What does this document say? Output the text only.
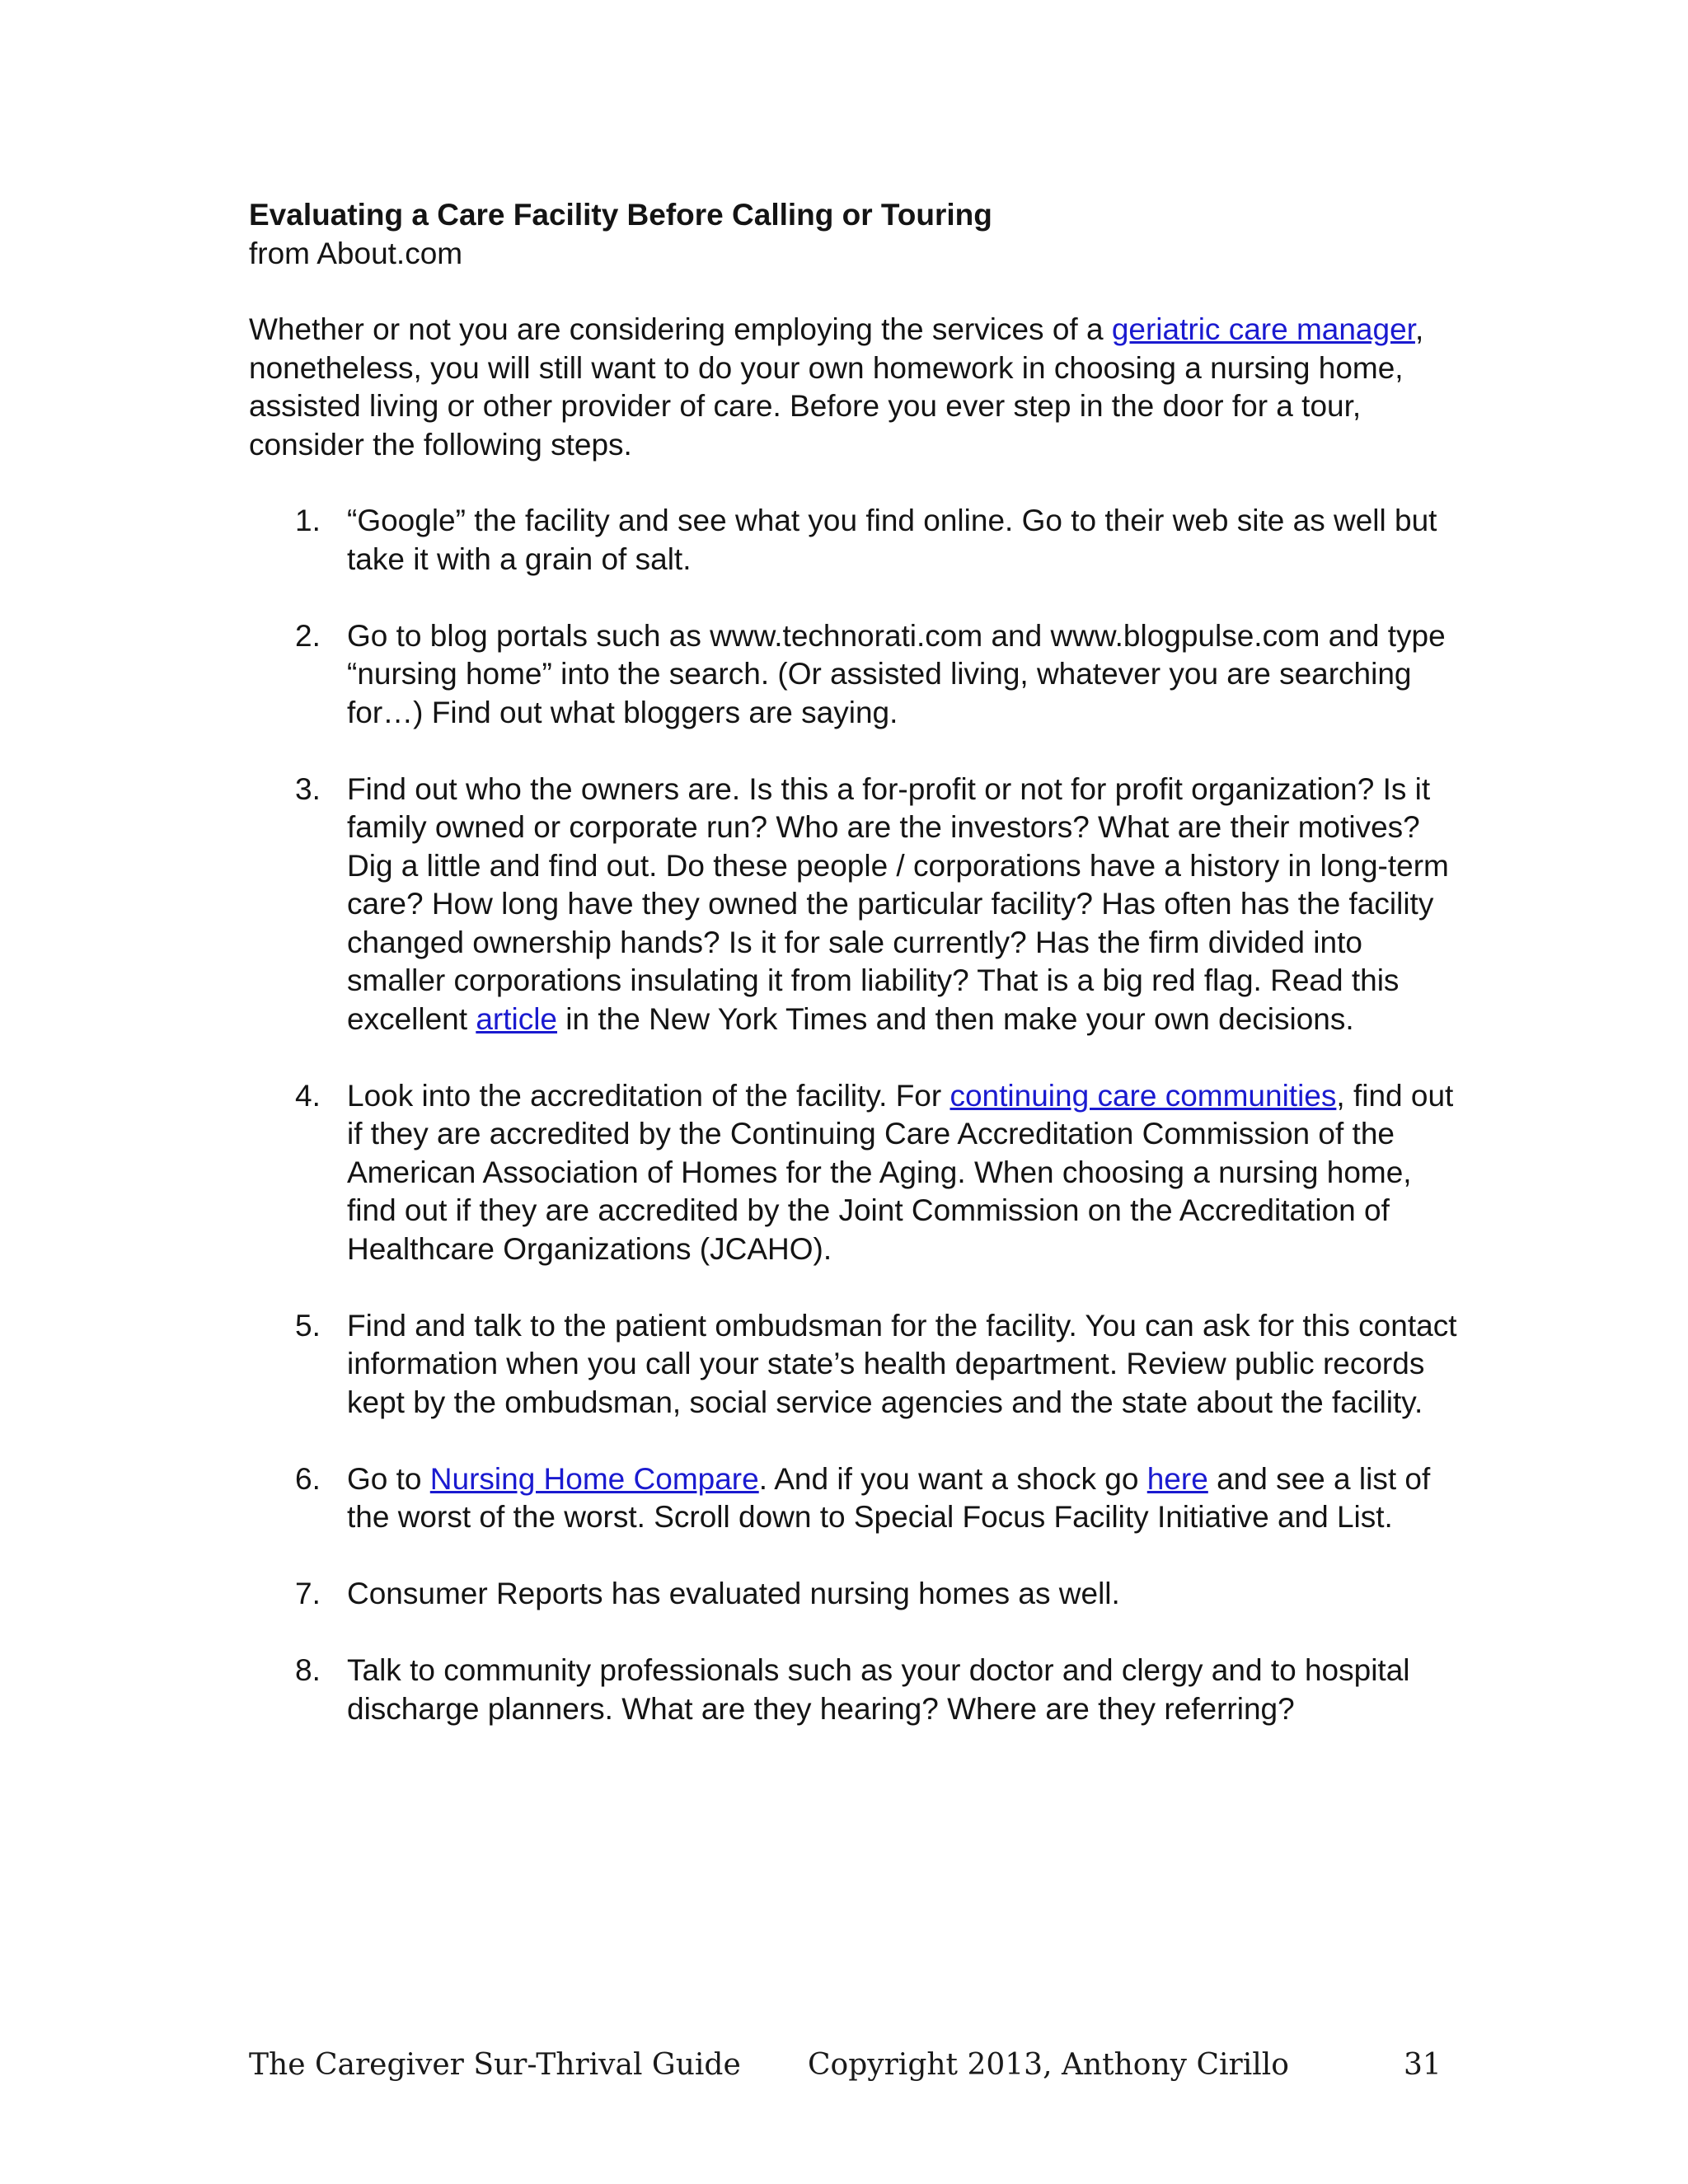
Evaluating a Care Facility Before Calling or Touring
from About.com

Whether or not you are considering employing the services of a geriatric care manager, nonetheless, you will still want to do your own homework in choosing a nursing home, assisted living or other provider of care. Before you ever step in the door for a tour, consider the following steps.

1. “Google” the facility and see what you find online. Go to their web site as well but take it with a grain of salt.
2. Go to blog portals such as www.technorati.com and www.blogpulse.com and type “nursing home” into the search. (Or assisted living, whatever you are searching for…) Find out what bloggers are saying.
3. Find out who the owners are. Is this a for-profit or not for profit organization? Is it family owned or corporate run? Who are the investors? What are their motives? Dig a little and find out. Do these people / corporations have a history in long-term care? How long have they owned the particular facility? Has often has the facility changed ownership hands? Is it for sale currently? Has the firm divided into smaller corporations insulating it from liability? That is a big red flag. Read this excellent article in the New York Times and then make your own decisions.
4. Look into the accreditation of the facility. For continuing care communities, find out if they are accredited by the Continuing Care Accreditation Commission of the American Association of Homes for the Aging. When choosing a nursing home, find out if they are accredited by the Joint Commission on the Accreditation of Healthcare Organizations (JCAHO).
5. Find and talk to the patient ombudsman for the facility. You can ask for this contact information when you call your state’s health department. Review public records kept by the ombudsman, social service agencies and the state about the facility.
6. Go to Nursing Home Compare. And if you want a shock go here and see a list of the worst of the worst. Scroll down to Special Focus Facility Initiative and List.
7. Consumer Reports has evaluated nursing homes as well.
8. Talk to community professionals such as your doctor and clergy and to hospital discharge planners. What are they hearing? Where are they referring?
The Caregiver Sur-Thrival Guide Copyright 2013, Anthony Cirillo	31
